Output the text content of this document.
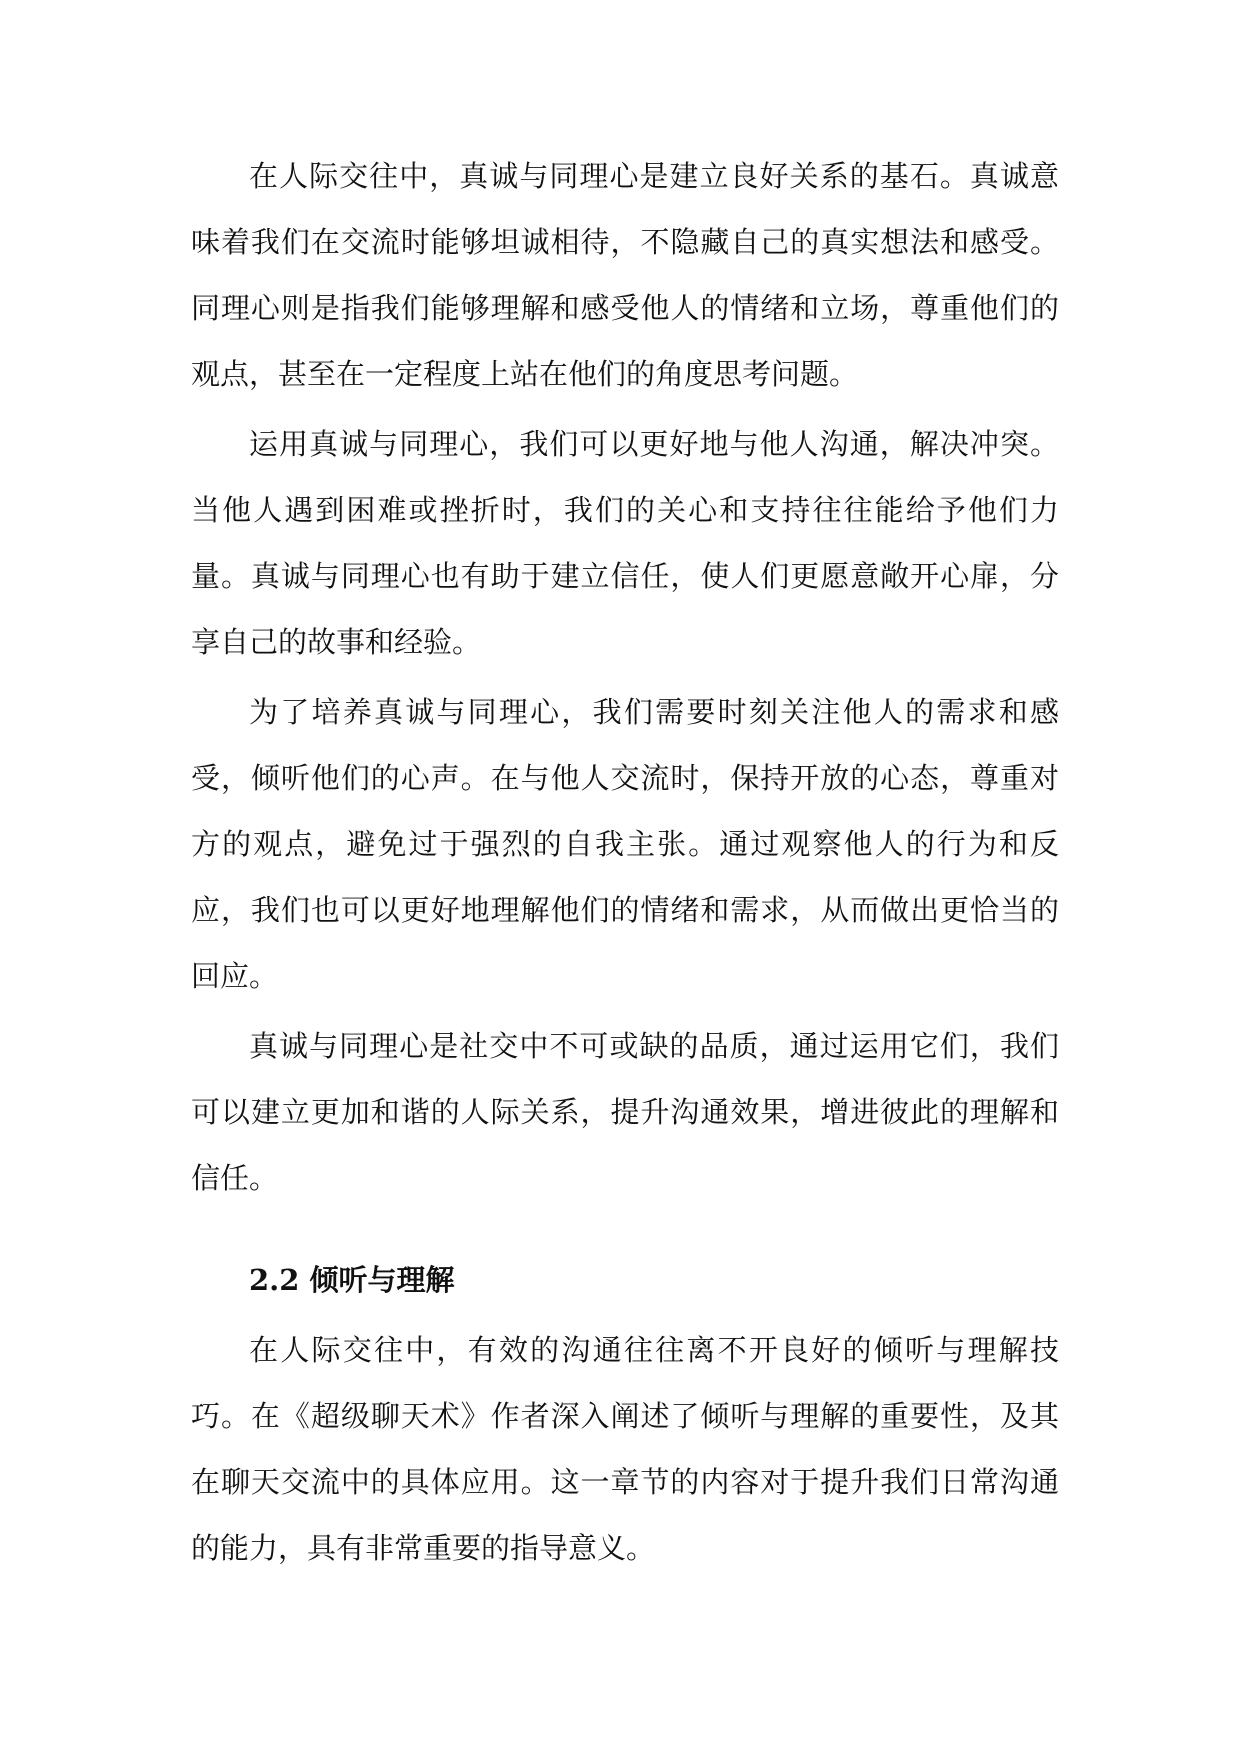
在人际交往中，真诚与同理心是建立良好关系的基石。真诚意味着我们在交流时能够坦诚相待，不隐藏自己的真实想法和感受。同理心则是指我们能够理解和感受他人的情绪和立场，尊重他们的观点，甚至在一定程度上站在他们的角度思考问题。

运用真诚与同理心，我们可以更好地与他人沟通，解决冲突。当他人遇到困难或挫折时，我们的关心和支持往往能给予他们力量。真诚与同理心也有助于建立信任，使人们更愿意敞开心扉，分享自己的故事和经验。

为了培养真诚与同理心，我们需要时刻关注他人的需求和感受，倾听他们的心声。在与他人交流时，保持开放的心态，尊重对方的观点，避免过于强烈的自我主张。通过观察他人的行为和反应，我们也可以更好地理解他们的情绪和需求，从而做出更恰当的回应。

真诚与同理心是社交中不可或缺的品质，通过运用它们，我们可以建立更加和谐的人际关系，提升沟通效果，增进彼此的理解和信任。

2.2 倾听与理解

在人际交往中，有效的沟通往往离不开良好的倾听与理解技巧。在《超级聊天术》作者深入阐述了倾听与理解的重要性，及其在聊天交流中的具体应用。这一章节的内容对于提升我们日常沟通的能力，具有非常重要的指导意义。
